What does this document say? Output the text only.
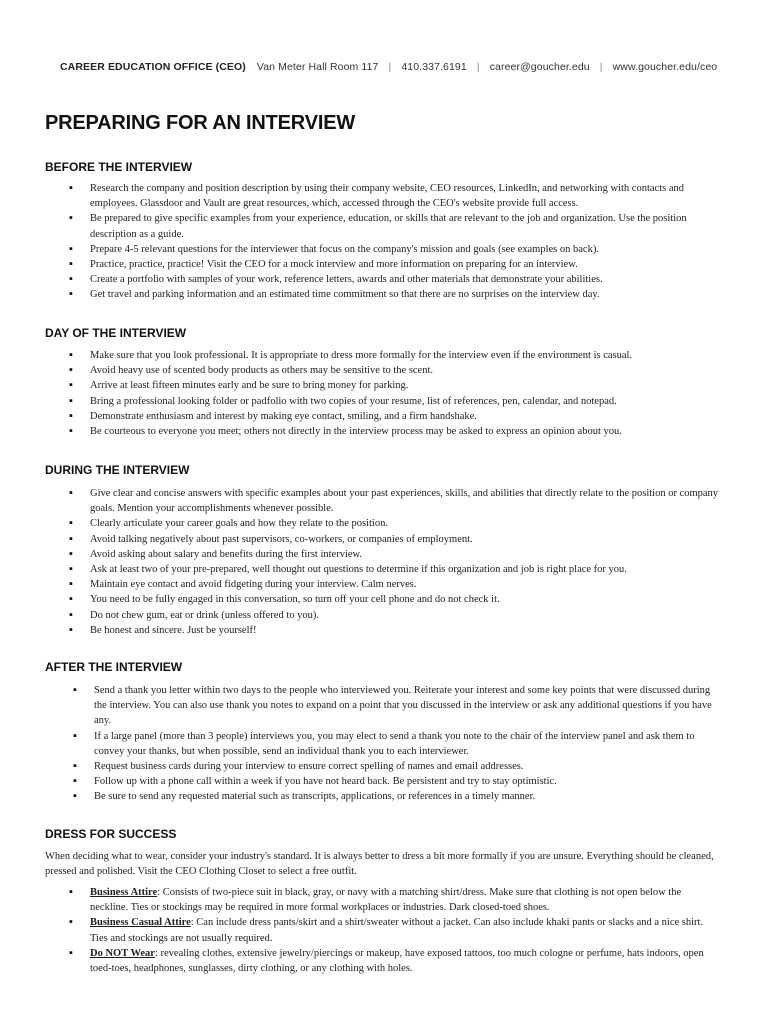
CAREER EDUCATION OFFICE (CEO) Van Meter Hall Room 117 | 410.337.6191 | career@goucher.edu | www.goucher.edu/ceo
PREPARING FOR AN INTERVIEW
BEFORE THE INTERVIEW
▪ Research the company and position description by using their company website, CEO resources, LinkedIn, and networking with contacts and employees. Glassdoor and Vault are great resources, which, accessed through the CEO's website provide full access.
▪ Be prepared to give specific examples from your experience, education, or skills that are relevant to the job and organization. Use the position description as a guide.
▪ Prepare 4-5 relevant questions for the interviewer that focus on the company's mission and goals (see examples on back).
▪ Practice, practice, practice! Visit the CEO for a mock interview and more information on preparing for an interview.
▪ Create a portfolio with samples of your work, reference letters, awards and other materials that demonstrate your abilities.
▪ Get travel and parking information and an estimated time commitment so that there are no surprises on the interview day.
DAY OF THE INTERVIEW
▪ Make sure that you look professional. It is appropriate to dress more formally for the interview even if the environment is casual.
▪ Avoid heavy use of scented body products as others may be sensitive to the scent.
▪ Arrive at least fifteen minutes early and be sure to bring money for parking.
▪ Bring a professional looking folder or padfolio with two copies of your resume, list of references, pen, calendar, and notepad.
▪ Demonstrate enthusiasm and interest by making eye contact, smiling, and a firm handshake.
▪ Be courteous to everyone you meet; others not directly in the interview process may be asked to express an opinion about you.
DURING THE INTERVIEW
▪ Give clear and concise answers with specific examples about your past experiences, skills, and abilities that directly relate to the position or company goals. Mention your accomplishments whenever possible.
▪ Clearly articulate your career goals and how they relate to the position.
▪ Avoid talking negatively about past supervisors, co-workers, or companies of employment.
▪ Avoid asking about salary and benefits during the first interview.
▪ Ask at least two of your pre-prepared, well thought out questions to determine if this organization and job is right place for you.
▪ Maintain eye contact and avoid fidgeting during your interview. Calm nerves.
▪ You need to be fully engaged in this conversation, so turn off your cell phone and do not check it.
▪ Do not chew gum, eat or drink (unless offered to you).
▪ Be honest and sincere. Just be yourself!
AFTER THE INTERVIEW
▪ Send a thank you letter within two days to the people who interviewed you. Reiterate your interest and some key points that were discussed during the interview. You can also use thank you notes to expand on a point that you discussed in the interview or ask any additional questions if you have any.
▪ If a large panel (more than 3 people) interviews you, you may elect to send a thank you note to the chair of the interview panel and ask them to convey your thanks, but when possible, send an individual thank you to each interviewer.
▪ Request business cards during your interview to ensure correct spelling of names and email addresses.
▪ Follow up with a phone call within a week if you have not heard back. Be persistent and try to stay optimistic.
▪ Be sure to send any requested material such as transcripts, applications, or references in a timely manner.
DRESS FOR SUCCESS
When deciding what to wear, consider your industry's standard. It is always better to dress a bit more formally if you are unsure. Everything should be cleaned, pressed and polished. Visit the CEO Clothing Closet to select a free outfit.
▪ Business Attire: Consists of two-piece suit in black, gray, or navy with a matching shirt/dress. Make sure that clothing is not open below the neckline. Ties or stockings may be required in more formal workplaces or industries. Dark closed-toed shoes.
▪ Business Casual Attire: Can include dress pants/skirt and a shirt/sweater without a jacket. Can also include khaki pants or slacks and a nice shirt. Ties and stockings are not usually required.
▪ Do NOT Wear: revealing clothes, extensive jewelry/piercings or makeup, have exposed tattoos, too much cologne or perfume, hats indoors, open toed-toes, headphones, sunglasses, dirty clothing, or any clothing with holes.
